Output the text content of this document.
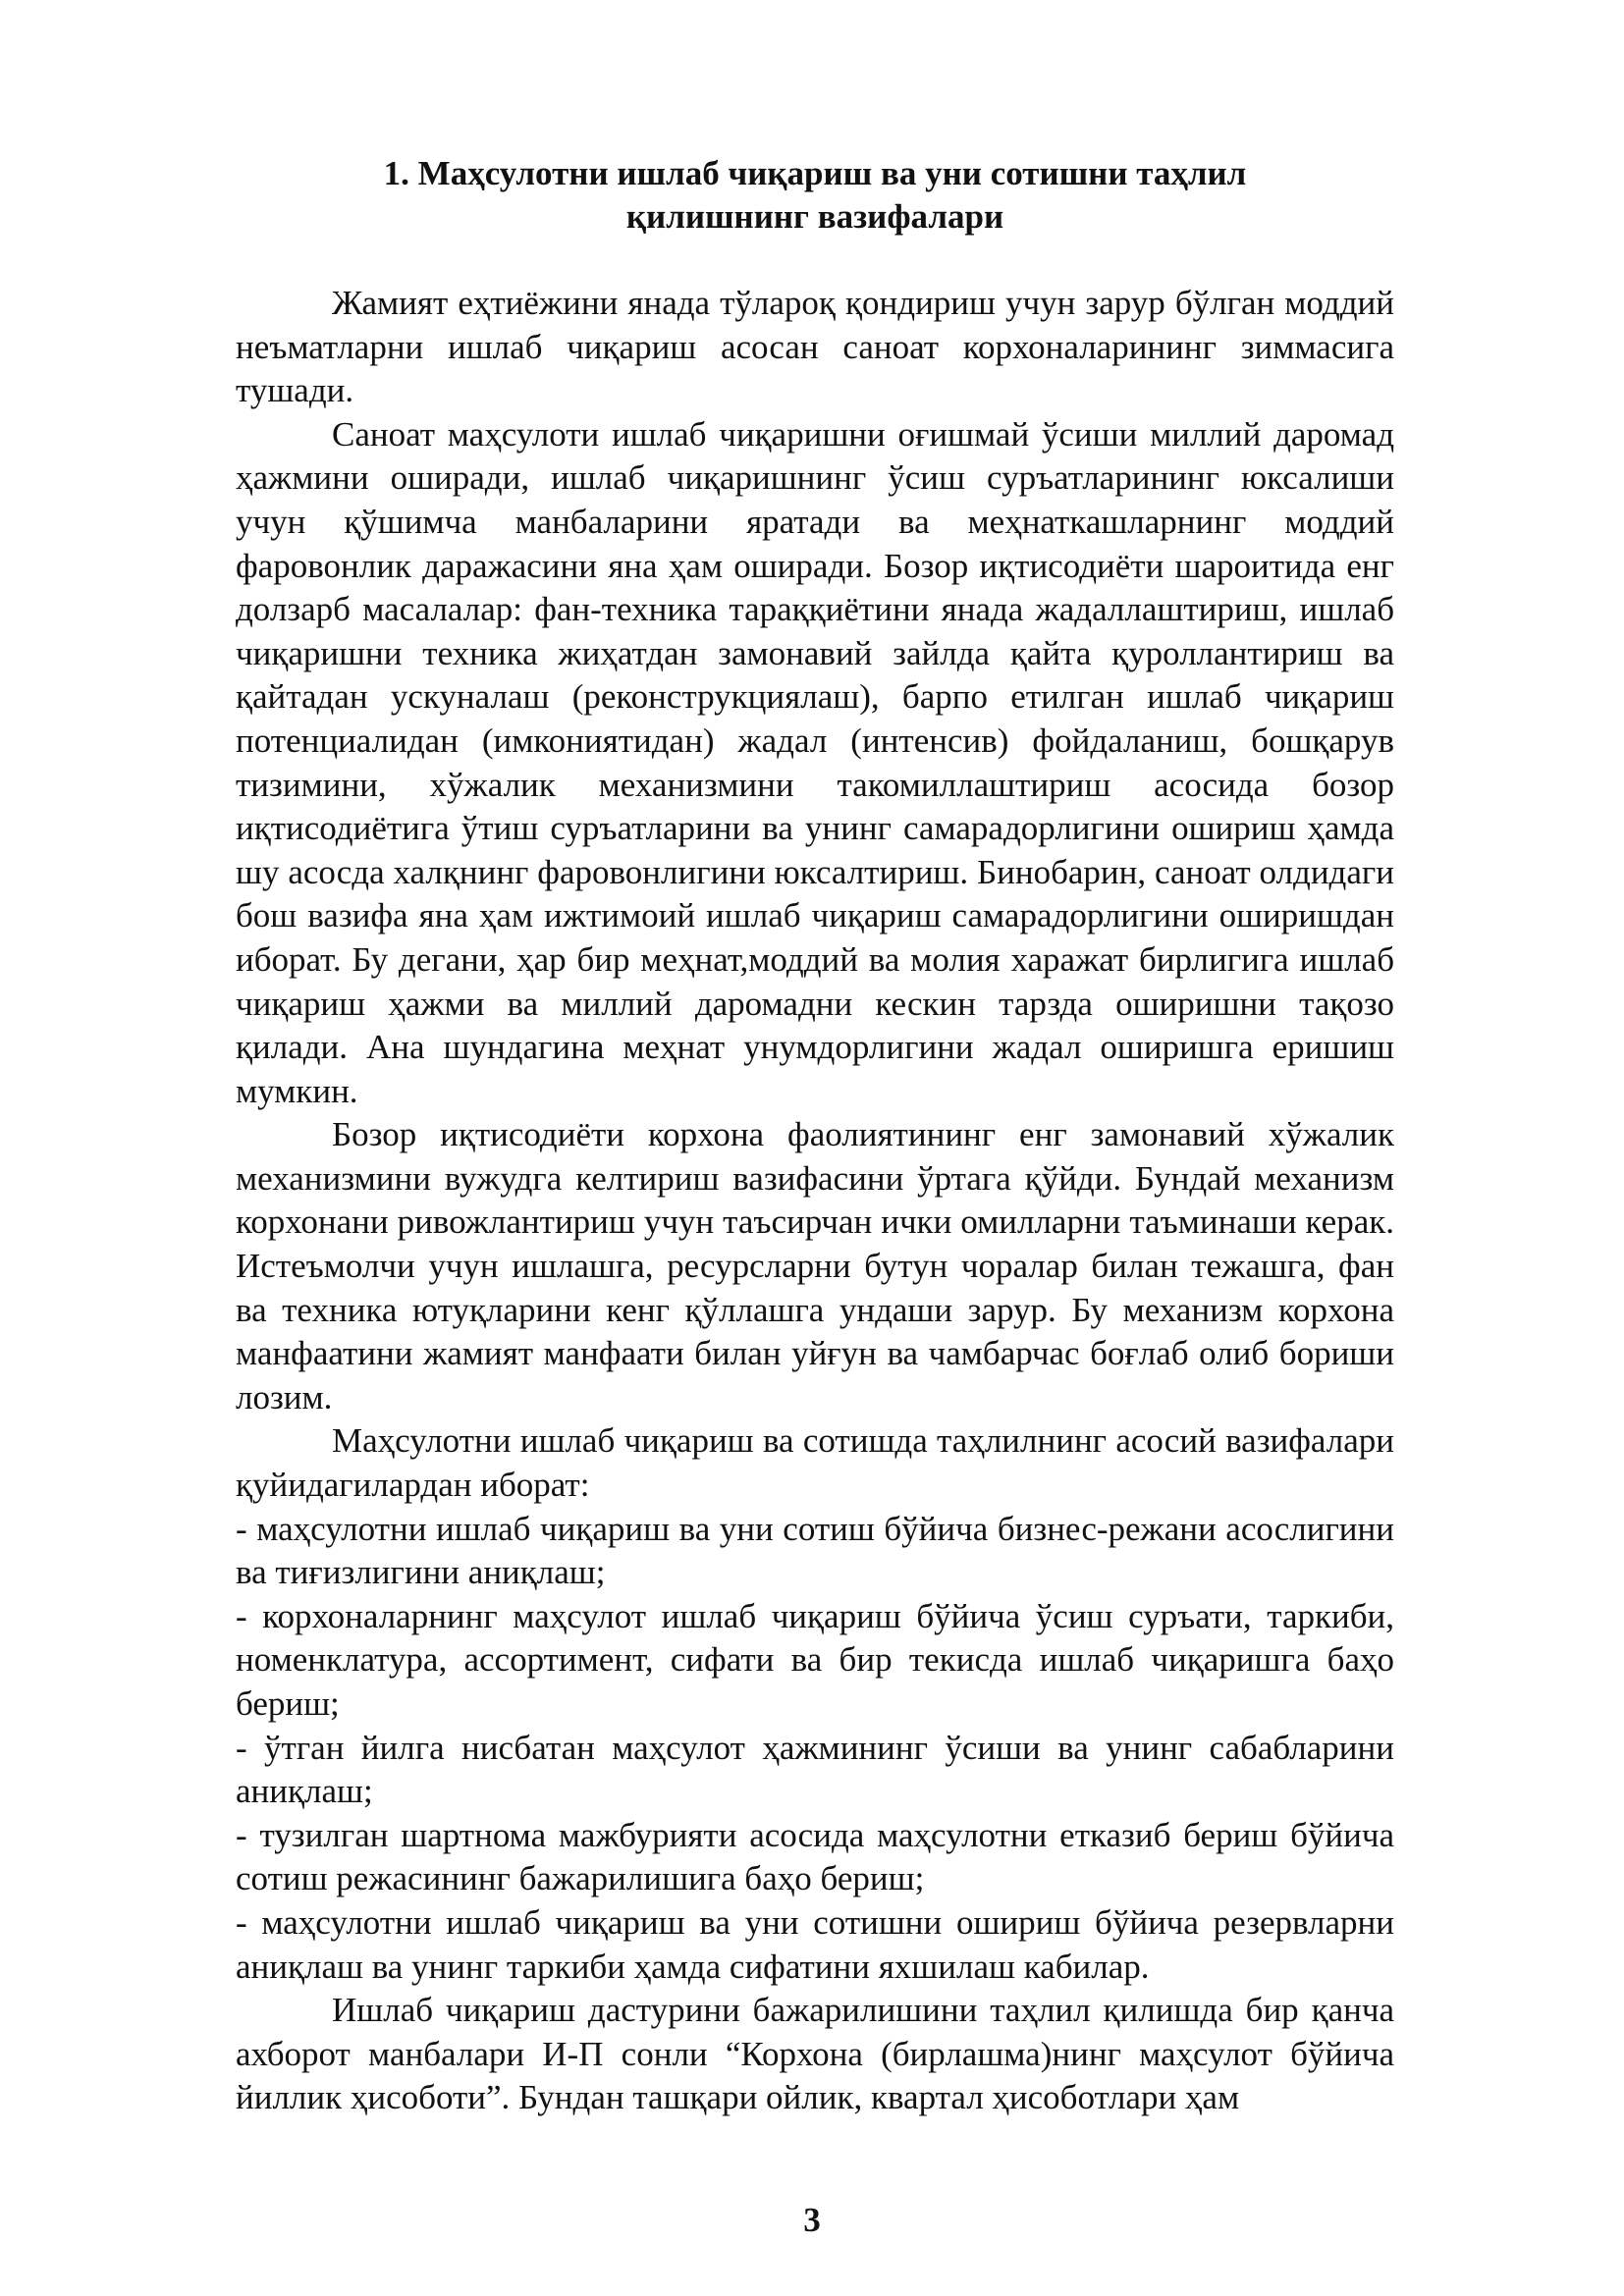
1. Маҳсулотни ишлаб чиқариш ва уни сотишни таҳлил
қилишнинг вазифалари

Жамият еҳтиёжини янада тўлароқ қондириш учун зарур бўлган моддий неъматларни ишлаб чиқариш асосан саноат корхоналарининг зиммасига тушади.

Саноат маҳсулоти ишлаб чиқаришни оғишмай ўсиши миллий даромад ҳажмини оширади, ишлаб чиқаришнинг ўсиш суръатларининг юксалиши учун қўшимча манбаларини яратади ва меҳнаткашларнинг моддий фаровонлик даражасини яна ҳам оширади. Бозор иқтисодиёти шароитида енг долзарб масалалар: фан-техника тараққиётини янада жадаллаштириш, ишлаб чиқаришни техника жиҳатдан замонавий зайлда қайта қуроллантириш ва қайтадан ускуналаш (реконструкциялаш), барпо етилган ишлаб чиқариш потенциалидан (имкониятидан) жадал (интенсив) фойдаланиш, бошқарув тизимини, хўжалик механизмини такомиллаштириш асосида бозор иқтисодиётига ўтиш суръатларини ва унинг самарадорлигини ошириш ҳамда шу асосда халқнинг фаровонлигини юксалтириш. Бинобарин, саноат олдидаги бош вазифа яна ҳам ижтимоий ишлаб чиқариш самарадорлигини оширишдан иборат. Бу дегани, ҳар бир меҳнат,моддий ва молия харажат бирлигига ишлаб чиқариш ҳажми ва миллий даромадни кескин тарзда оширишни тақозо қилади. Ана шундагина меҳнат унумдорлигини жадал оширишга еришиш мумкин.

Бозор иқтисодиёти корхона фаолиятининг енг замонавий хўжалик механизмини вужудга келтириш вазифасини ўртага қўйди. Бундай механизм корхонани ривожлантириш учун таъсирчан ички омилларни таъминаши керак. Истеъмолчи учун ишлашга, ресурсларни бутун чоралар билан тежашга, фан ва техника ютуқларини кенг қўллашга ундаши зарур. Бу механизм корхона манфаатини жамият манфаати билан уйғун ва чамбарчас боғлаб олиб бориши лозим.

Маҳсулотни ишлаб чиқариш ва сотишда таҳлилнинг асосий вазифалари қуйидагилардан иборат:

- маҳсулотни ишлаб чиқариш ва уни сотиш бўйича бизнес-режани асослигини ва тиғизлигини аниқлаш;

- корхоналарнинг маҳсулот ишлаб чиқариш бўйича ўсиш суръати, таркиби, номенклатура, ассортимент, сифати ва бир текисда ишлаб чиқаришга баҳо бериш;

- ўтган йилга нисбатан маҳсулот ҳажмининг ўсиши ва унинг сабабларини аниқлаш;

- тузилган шартнома мажбурияти асосида маҳсулотни етказиб бериш бўйича сотиш режасининг бажарилишига баҳо бериш;

- маҳсулотни ишлаб чиқариш ва уни сотишни ошириш бўйича резервларни аниқлаш ва унинг таркиби ҳамда сифатини яхшилаш кабилар.

Ишлаб чиқариш дастурини бажарилишини таҳлил қилишда бир қанча ахборот манбалари И-П сонли “Корхона (бирлашма)нинг маҳсулот бўйича йиллик ҳисоботи”. Бундан ташқари ойлик, квартал ҳисоботлари ҳам

3
